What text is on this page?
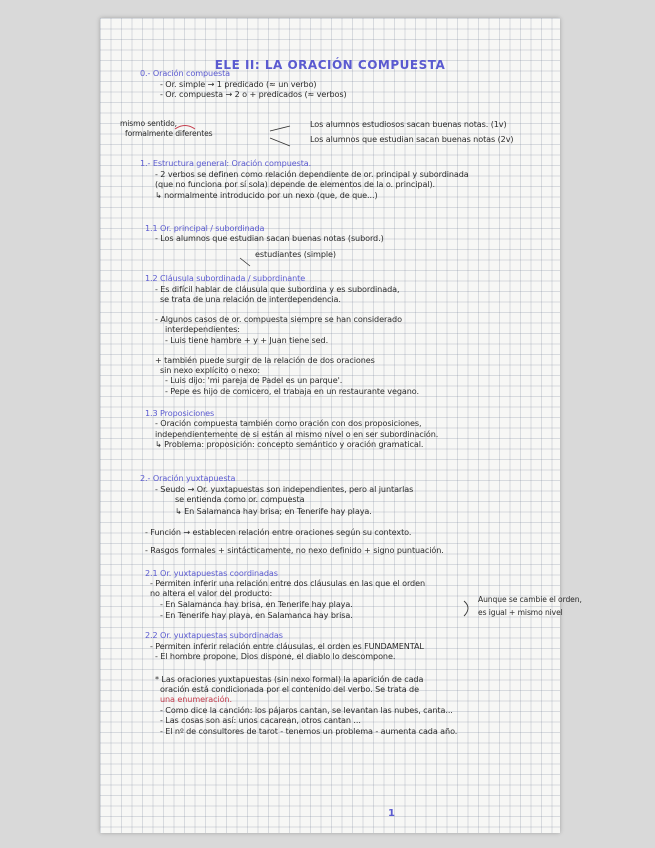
ELE II: LA ORACIÓN COMPUESTA
0.- Oración compuesta
- Or. simple → 1 predicado (≈ un verbo)
- Or. compuesta → 2 o + predicados (≈ verbos)
mismo sentido,
formalmente diferentes
Los alumnos estudiosos sacan buenas notas. (1v)
Los alumnos que estudian sacan buenas notas (2v)
1.- Estructura general: Oración compuesta.
- 2 verbos se definen como relación dependiente de or. principal y subordinada
(que no funciona por sí sola) depende de elementos de la o. principal).
↳ normalmente introducido por un nexo (que, de que...)
1.1 Or. principal / subordinada
- Los alumnos que estudian sacan buenas notas (subord.)
estudiantes (simple)
1.2 Cláusula subordinada / subordinante
- Es difícil hablar de cláusula que subordina y es subordinada,
se trata de una relación de interdependencia.
- Algunos casos de or. compuesta siempre se han considerado
interdependientes:
- Luis tiene hambre + y + Juan tiene sed.
+ también puede surgir de la relación de dos oraciones
sin nexo explícito o nexo:
- Luis dijo: 'mi pareja de Padel es un parque'.
- Pepe es hijo de comicero, el trabaja en un restaurante vegano.
1.3 Proposiciones
- Oración compuesta también como oración con dos proposiciones,
independientemente de si están al mismo nivel o en ser subordinación.
↳ Problema: proposición: concepto semántico y oración gramatical.
2.- Oración yuxtapuesta
- Seudo → Or. yuxtapuestas son independientes, pero al juntarlas
se entienda como or. compuesta
↳ En Salamanca hay brisa; en Tenerife hay playa.
- Función → establecen relación entre oraciones según su contexto.
- Rasgos formales + sintácticamente, no nexo definido + signo puntuación.
2.1 Or. yuxtapuestas coordinadas
- Permiten inferir una relación entre dos cláusulas en las que el orden
no altera el valor del producto:
- En Salamanca hay brisa, en Tenerife hay playa.
- En Tenerife hay playa, en Salamanca hay brisa.
Aunque se cambie el orden,
es igual + mismo nivel
2.2 Or. yuxtapuestas subordinadas
- Permiten inferir relación entre cláusulas, el orden es FUNDAMENTAL
- El hombre propone, Dios dispone, el diablo lo descompone.
* Las oraciones yuxtapuestas (sin nexo formal) la aparición de cada
oración está condicionada por el contenido del verbo. Se trata de
una enumeración.
- Como dice la canción: los pájaros cantan, se levantan las nubes, canta...
- Las cosas son así: unos cacarean, otros cantan ...
- El nº de consultores de tarot - tenemos un problema - aumenta cada año.
1
